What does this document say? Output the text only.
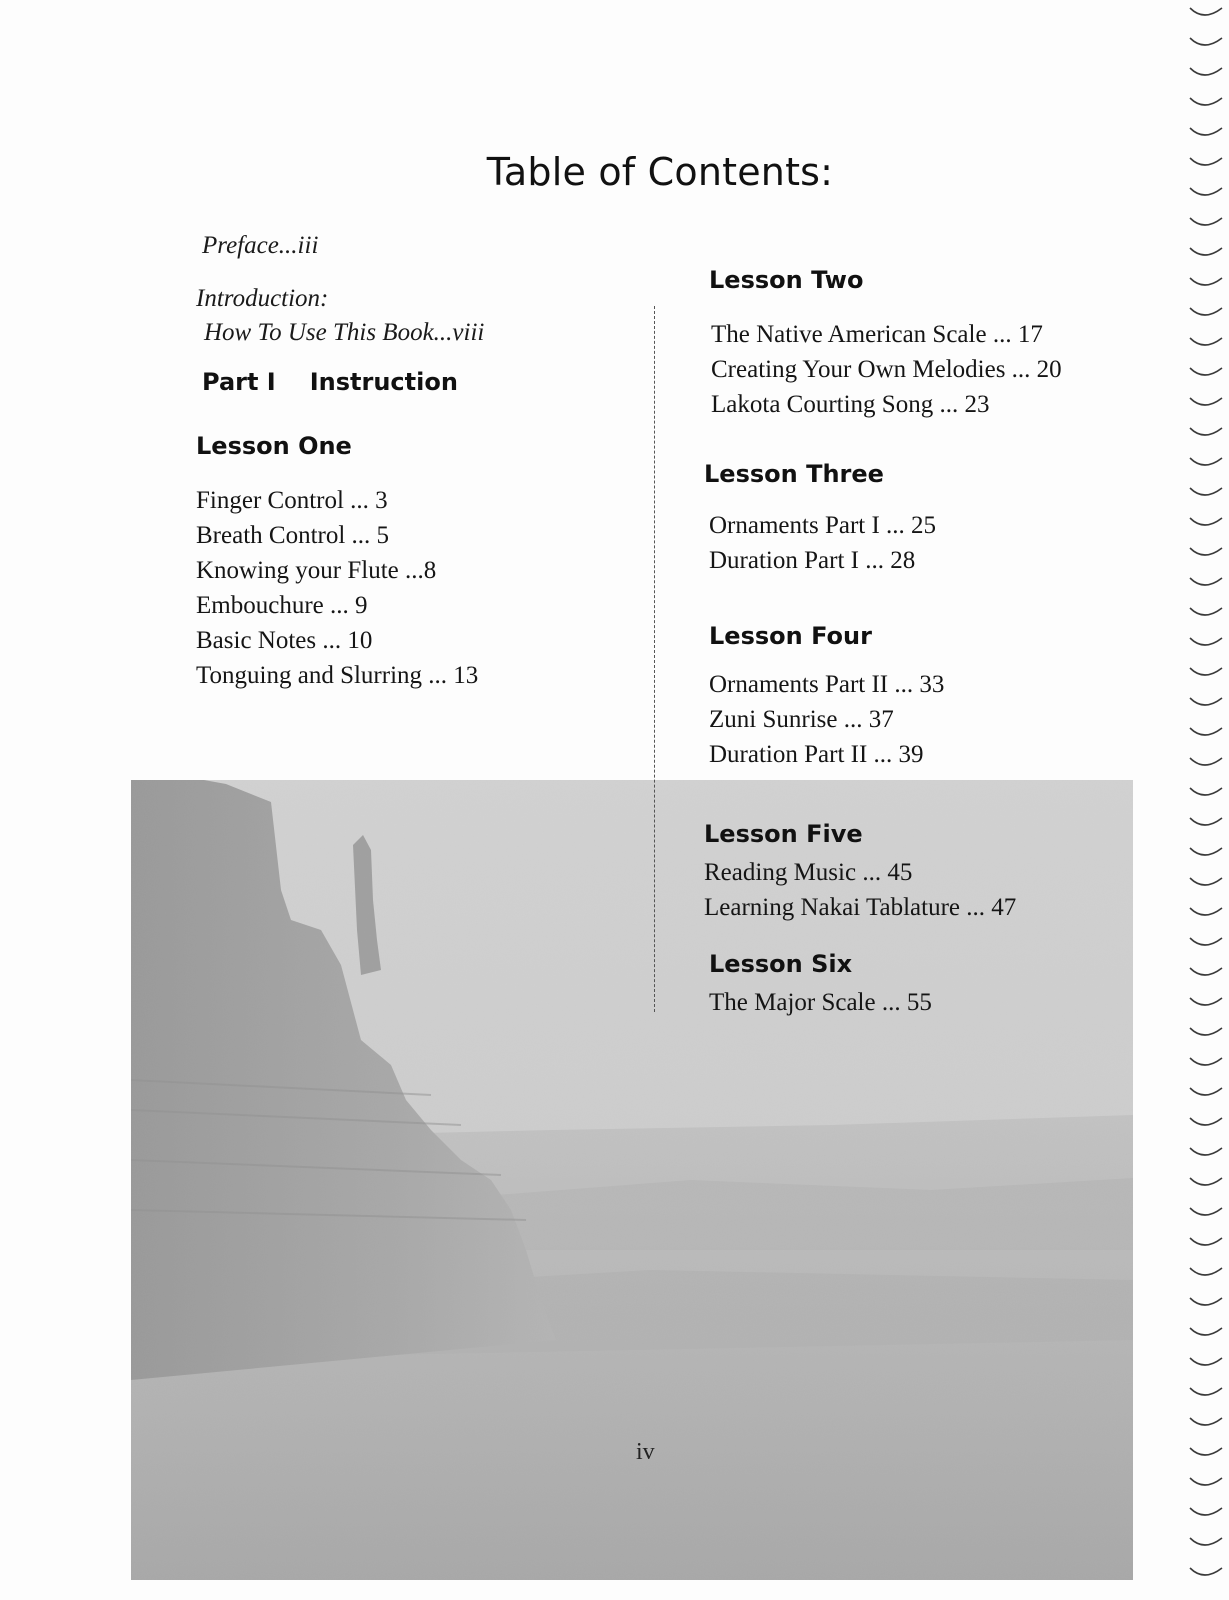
Table of Contents:
Preface...iii
Introduction:
How To Use This Book...viii
Part I Instruction
Lesson One
Finger Control ... 3
Breath Control ... 5
Knowing your Flute ...8
Embouchure ... 9
Basic Notes ... 10
Tonguing and Slurring ... 13
Lesson Two
The Native American Scale ... 17
Creating Your Own Melodies ... 20
Lakota Courting Song ... 23
Lesson Three
Ornaments Part I ... 25
Duration Part I ... 28
Lesson Four
Ornaments Part II ... 33
Zuni Sunrise ... 37
Duration Part II ... 39
Lesson Five
Reading Music ... 45
Learning Nakai Tablature ... 47
Lesson Six
The Major Scale ... 55
iv
